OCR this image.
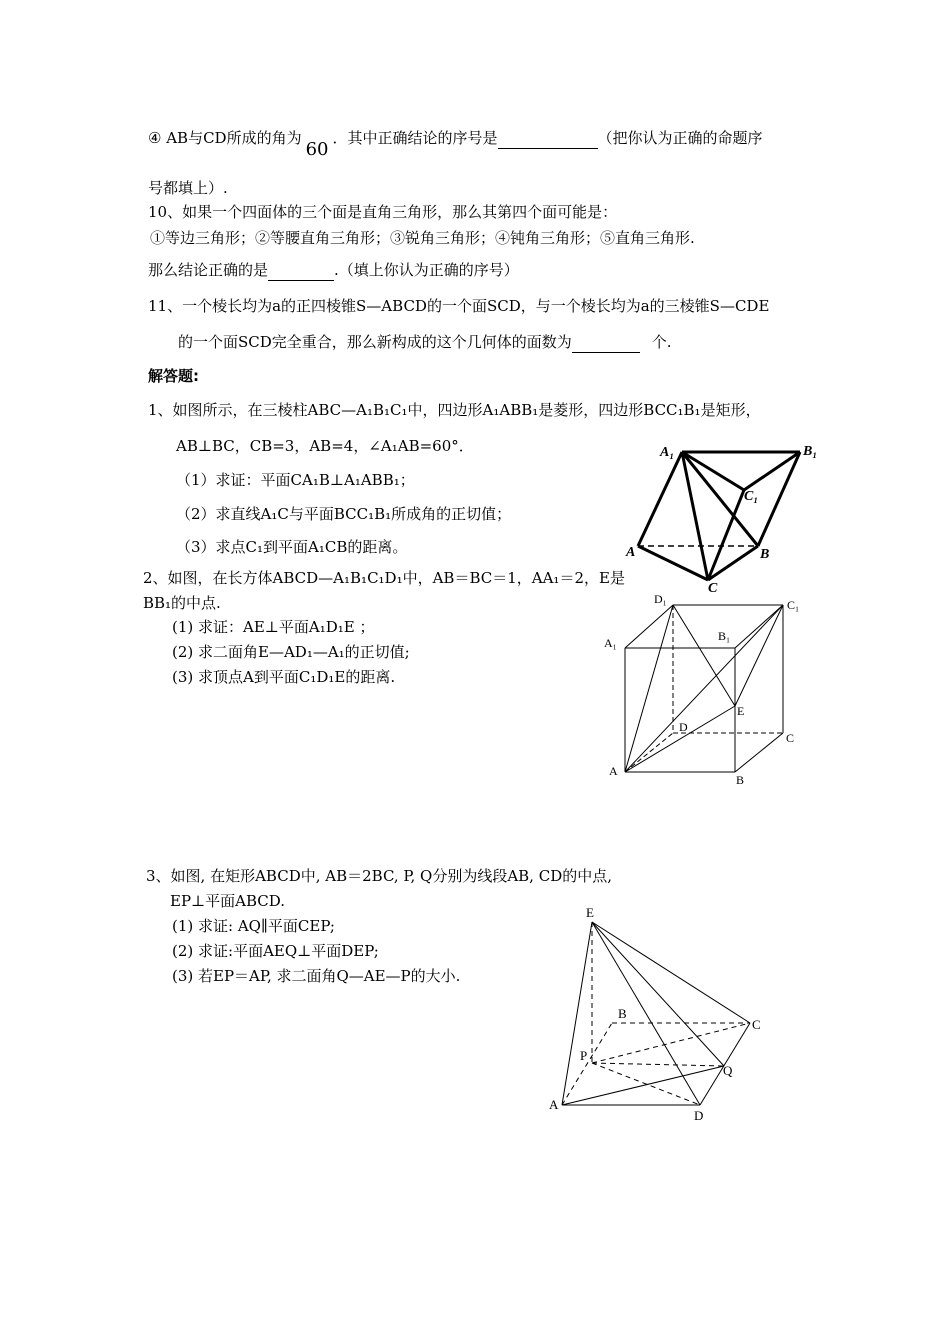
④ AB与CD所成的角为60．其中正确结论的序号是	（把你认为正确的命题序
号都填上）.
10、如果一个四面体的三个面是直角三角形，那么其第四个面可能是：
①等边三角形；②等腰直角三角形；③锐角三角形；④钝角三角形；⑤直角三角形.
那么结论正确的是	.（填上你认为正确的序号）
11、一个棱长均为a的正四棱锥S—ABCD的一个面SCD，与一个棱长均为a的三棱锥S—CDE
的一个面SCD完全重合，那么新构成的这个几何体的面数为	个.
解答题:
1、如图所示，在三棱柱ABC—A₁B₁C₁中，四边形A₁ABB₁是菱形，四边形BCC₁B₁是矩形，
AB⊥BC，CB=3，AB=4，∠A₁AB=60°．
（1）求证：平面CA₁B⊥A₁ABB₁；
（2）求直线A₁C与平面BCC₁B₁所成角的正切值；
（3）求点C₁到平面A₁CB的距离。
A₁	B₁
C₁
A	B
C
2、如图，在长方体ABCD—A₁B₁C₁D₁中，AB＝BC＝1，AA₁＝2，E是
BB₁的中点.
(1) 求证：AE⊥平面A₁D₁E ；
(2) 求二面角E—AD₁—A₁的正切值;
(3) 求顶点A到平面C₁D₁E的距离.
D₁	C₁
A₁	B₁
E
D
C
A
B
3、如图, 在矩形ABCD中, AB＝2BC, P, Q分别为线段AB, CD的中点,
EP⊥平面ABCD.
(1) 求证: AQ∥平面CEP;
(2) 求证:平面AEQ⊥平面DEP;
(3) 若EP＝AP, 求二面角Q—AE—P的大小.
E
B
C
P
Q
A
D
